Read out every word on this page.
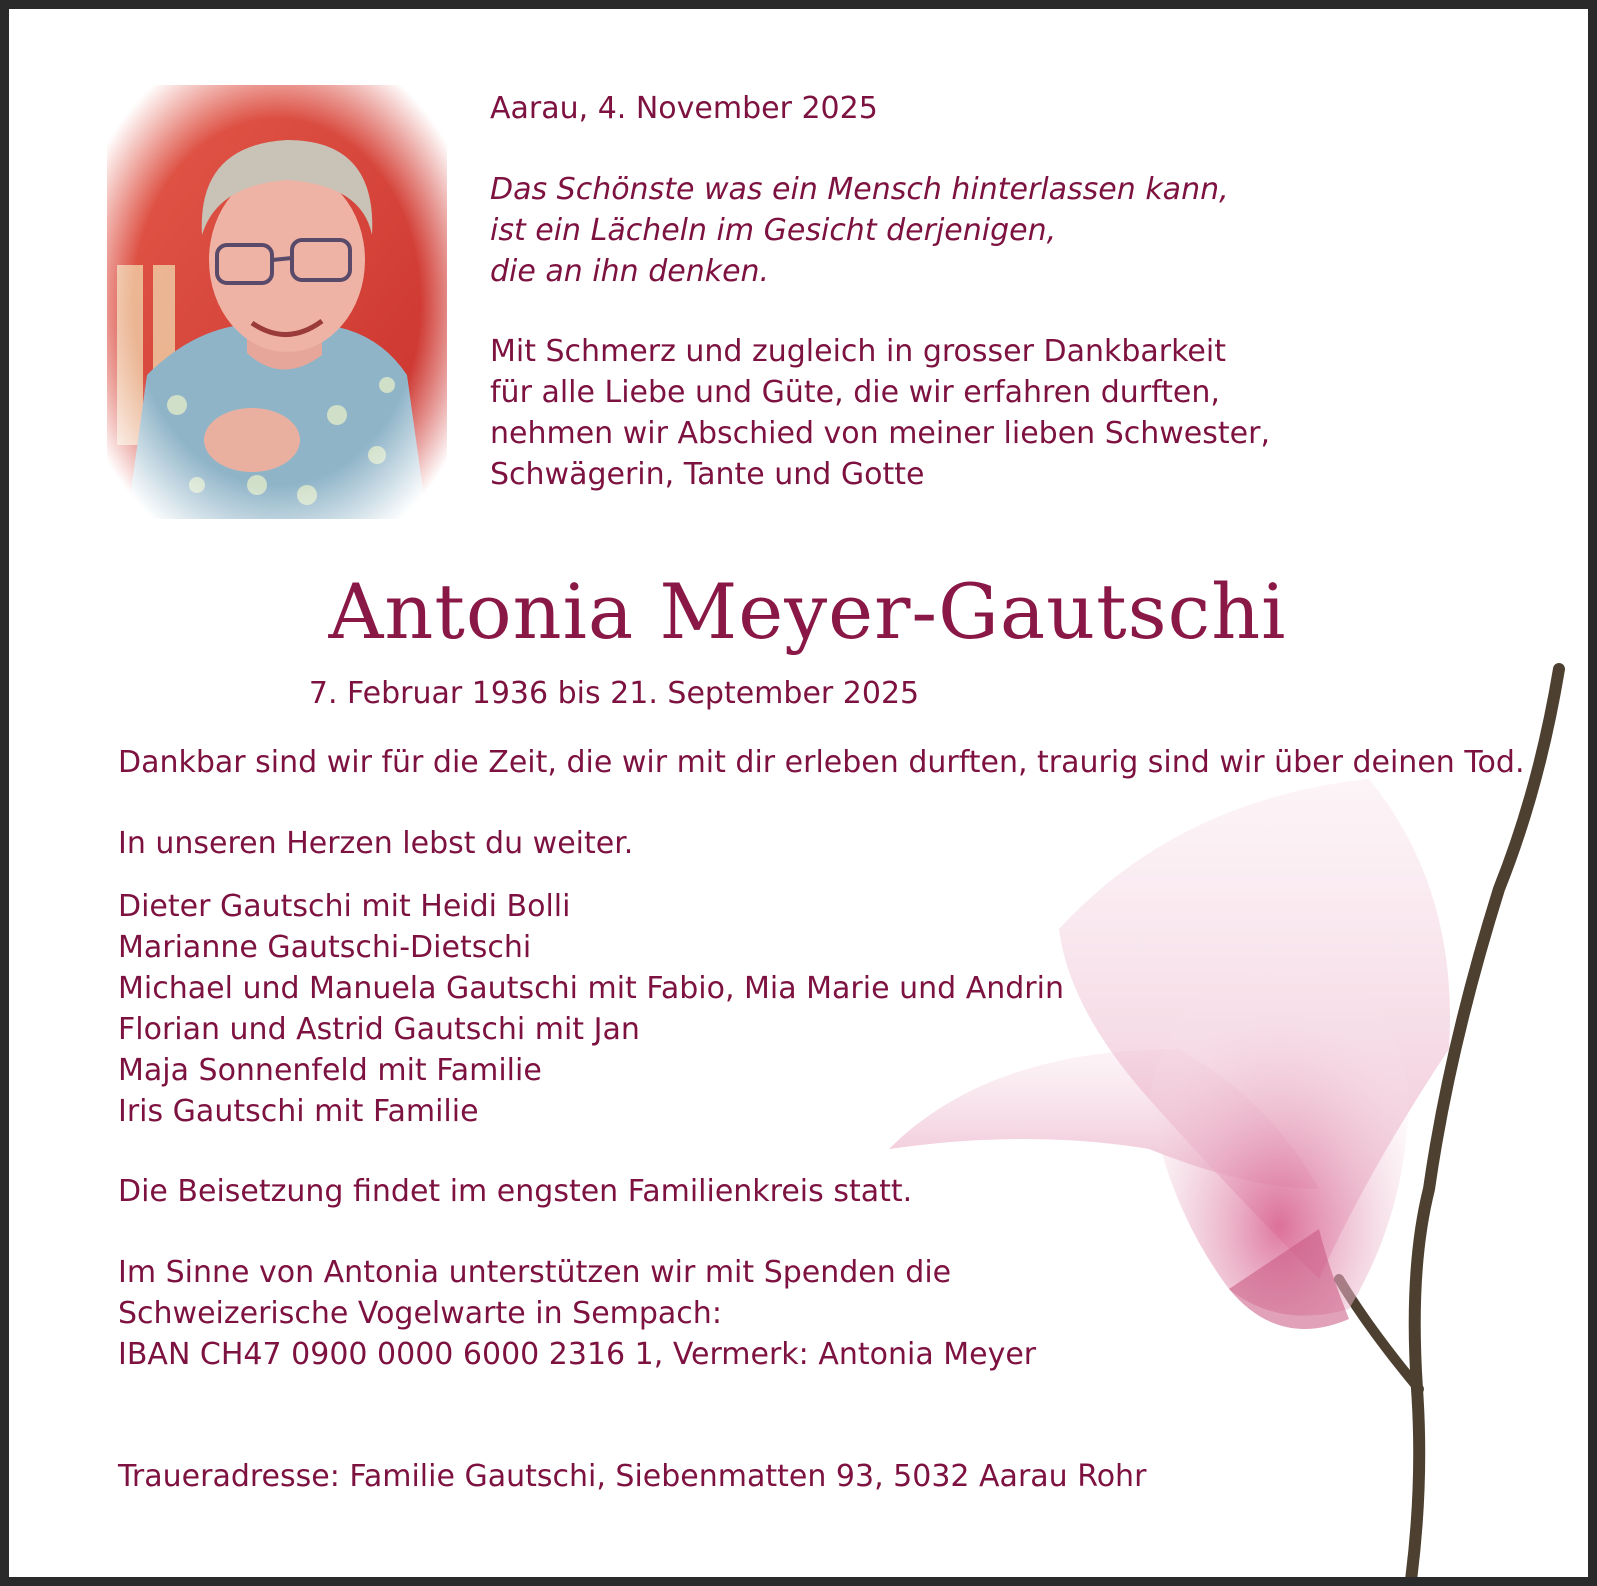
Aarau, 4. November 2025
Das Schönste was ein Mensch hinterlassen kann,
ist ein Lächeln im Gesicht derjenigen,
die an ihn denken.
Mit Schmerz und zugleich in grosser Dankbarkeit
für alle Liebe und Güte, die wir erfahren durften,
nehmen wir Abschied von meiner lieben Schwester,
Schwägerin, Tante und Gotte
Antonia Meyer-Gautschi
7. Februar 1936 bis 21. September 2025
Dankbar sind wir für die Zeit, die wir mit dir erleben durften, traurig sind wir über deinen Tod.
In unseren Herzen lebst du weiter.
Dieter Gautschi mit Heidi Bolli
Marianne Gautschi-Dietschi
Michael und Manuela Gautschi mit Fabio, Mia Marie und Andrin
Florian und Astrid Gautschi mit Jan
Maja Sonnenfeld mit Familie
Iris Gautschi mit Familie
Die Beisetzung findet im engsten Familienkreis statt.
Im Sinne von Antonia unterstützen wir mit Spenden die
Schweizerische Vogelwarte in Sempach:
IBAN CH47 0900 0000 6000 2316 1, Vermerk: Antonia Meyer
Traueradresse: Familie Gautschi, Siebenmatten 93, 5032 Aarau Rohr
